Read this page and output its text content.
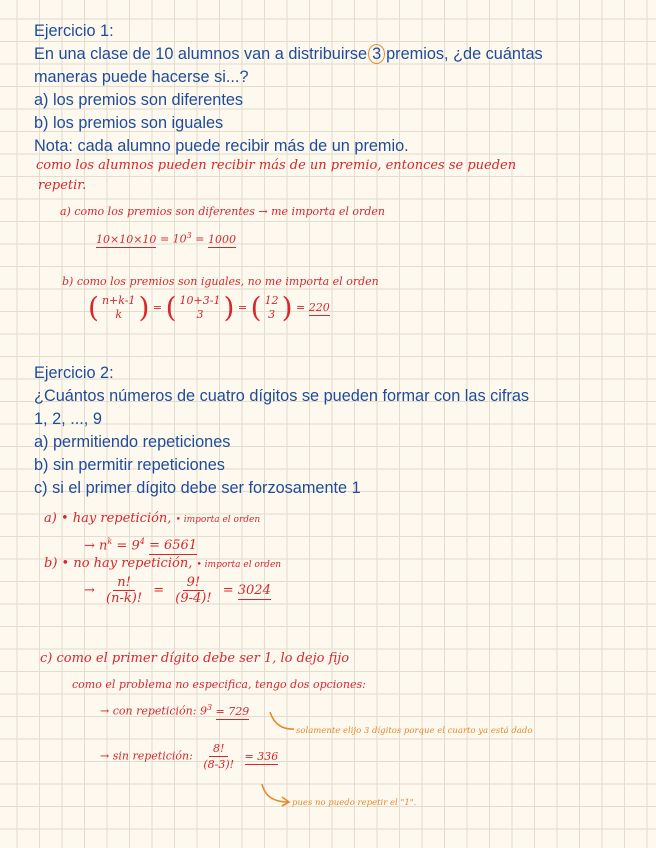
Ejercicio 1:
En una clase de 10 alumnos van a distribuirse 3 premios, ¿de cuántas
maneras puede hacerse si...?
a) los premios son diferentes
b) los premios son iguales
Nota: cada alumno puede recibir más de un premio.
como los alumnos pueden recibir más de un premio, entonces se pueden
repetir.
a) como los premios son diferentes → me importa el orden
$10\times 10\times 10 = 10^3 = 1000$
b) como los premios son iguales, no me importa el orden
( n+k-1
k ) = ( 10+3-1
3 ) = ( 12
3 ) = 220
Ejercicio 2:
¿Cuántos números de cuatro dígitos se pueden formar con las cifras
1, 2, ..., 9
a) permitiendo repeticiones
b) sin permitir repeticiones
c) si el primer dígito debe ser forzosamente 1
a) • hay repetición, • importa el orden
→ $n^k = 9^4 = 6561$
b) • no hay repetición, • importa el orden
→ $\frac{n!}{(n-k)!} = \frac{9!}{(9-4)!} = 3024$
c) como el primer dígito debe ser 1, lo dejo fijo
como el problema no especifica, tengo dos opciones:
→ con repetición: $9^3 = 729$
solamente elijo 3 dígitos porque el cuarto ya está dado
→ sin repetición: $\frac{8!}{(8-3)!} = 336$
pues no puedo repetir el "1".
